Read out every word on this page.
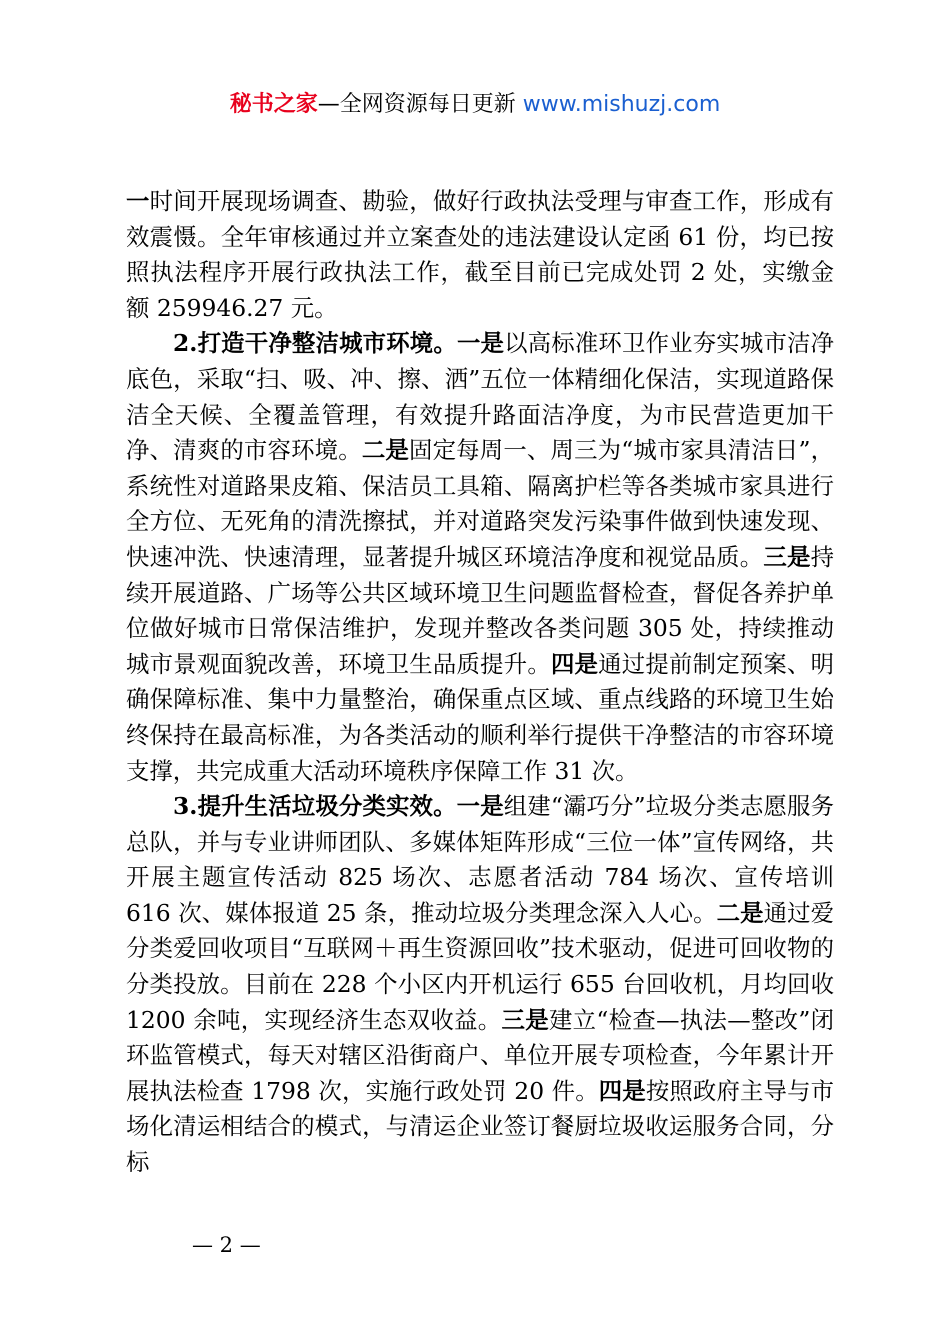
秘书之家—全网资源每日更新 www.mishuzj.com

一时间开展现场调查、勘验，做好行政执法受理与审查工作，形成有效震慑。全年审核通过并立案查处的违法建设认定函 61 份，均已按照执法程序开展行政执法工作，截至目前已完成处罚 2 处，实缴金额 259946.27 元。

2.打造干净整洁城市环境。一是以高标准环卫作业夯实城市洁净底色，采取“扫、吸、冲、擦、洒”五位一体精细化保洁，实现道路保洁全天候、全覆盖管理，有效提升路面洁净度，为市民营造更加干净、清爽的市容环境。二是固定每周一、周三为“城市家具清洁日”，系统性对道路果皮箱、保洁员工具箱、隔离护栏等各类城市家具进行全方位、无死角的清洗擦拭，并对道路突发污染事件做到快速发现、快速冲洗、快速清理，显著提升城区环境洁净度和视觉品质。三是持续开展道路、广场等公共区域环境卫生问题监督检查，督促各养护单位做好城市日常保洁维护，发现并整改各类问题 305 处，持续推动城市景观面貌改善，环境卫生品质提升。四是通过提前制定预案、明确保障标准、集中力量整治，确保重点区域、重点线路的环境卫生始终保持在最高标准，为各类活动的顺利举行提供干净整洁的市容环境支撑，共完成重大活动环境秩序保障工作 31 次。

3.提升生活垃圾分类实效。一是组建“灞巧分”垃圾分类志愿服务总队，并与专业讲师团队、多媒体矩阵形成“三位一体”宣传网络，共开展主题宣传活动 825 场次、志愿者活动 784 场次、宣传培训 616 次、媒体报道 25 条，推动垃圾分类理念深入人心。二是通过爱分类爱回收项目“互联网＋再生资源回收”技术驱动，促进可回收物的分类投放。目前在 228 个小区内开机运行 655 台回收机，月均回收 1200 余吨，实现经济生态双收益。三是建立“检查—执法—整改”闭环监管模式，每天对辖区沿街商户、单位开展专项检查，今年累计开展执法检查 1798 次，实施行政处罚 20 件。四是按照政府主导与市场化清运相结合的模式，与清运企业签订餐厨垃圾收运服务合同，分标

— 2 —
